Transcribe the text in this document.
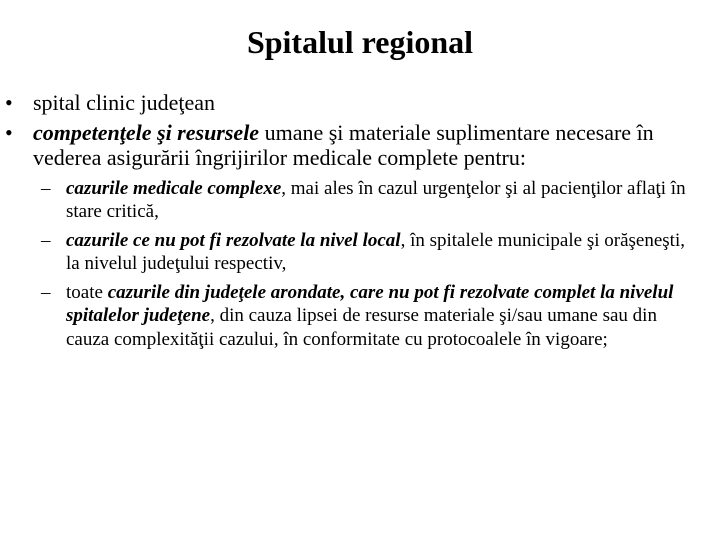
Spitalul regional
• spital clinic judeţean
• competenţele şi resursele umane şi materiale suplimentare necesare în vederea asigurării îngrijirilor medicale complete pentru:
– cazurile medicale complexe, mai ales în cazul urgenţelor şi al pacienţilor aflaţi în stare critică,
– cazurile ce nu pot fi rezolvate la nivel local, în spitalele municipale şi orăşeneşti, la nivelul judeţului respectiv,
– toate cazurile din judeţele arondate, care nu pot fi rezolvate complet la nivelul spitalelor judeţene, din cauza lipsei de resurse materiale şi/sau umane sau din cauza complexităţii cazului, în conformitate cu protocoalele în vigoare;
